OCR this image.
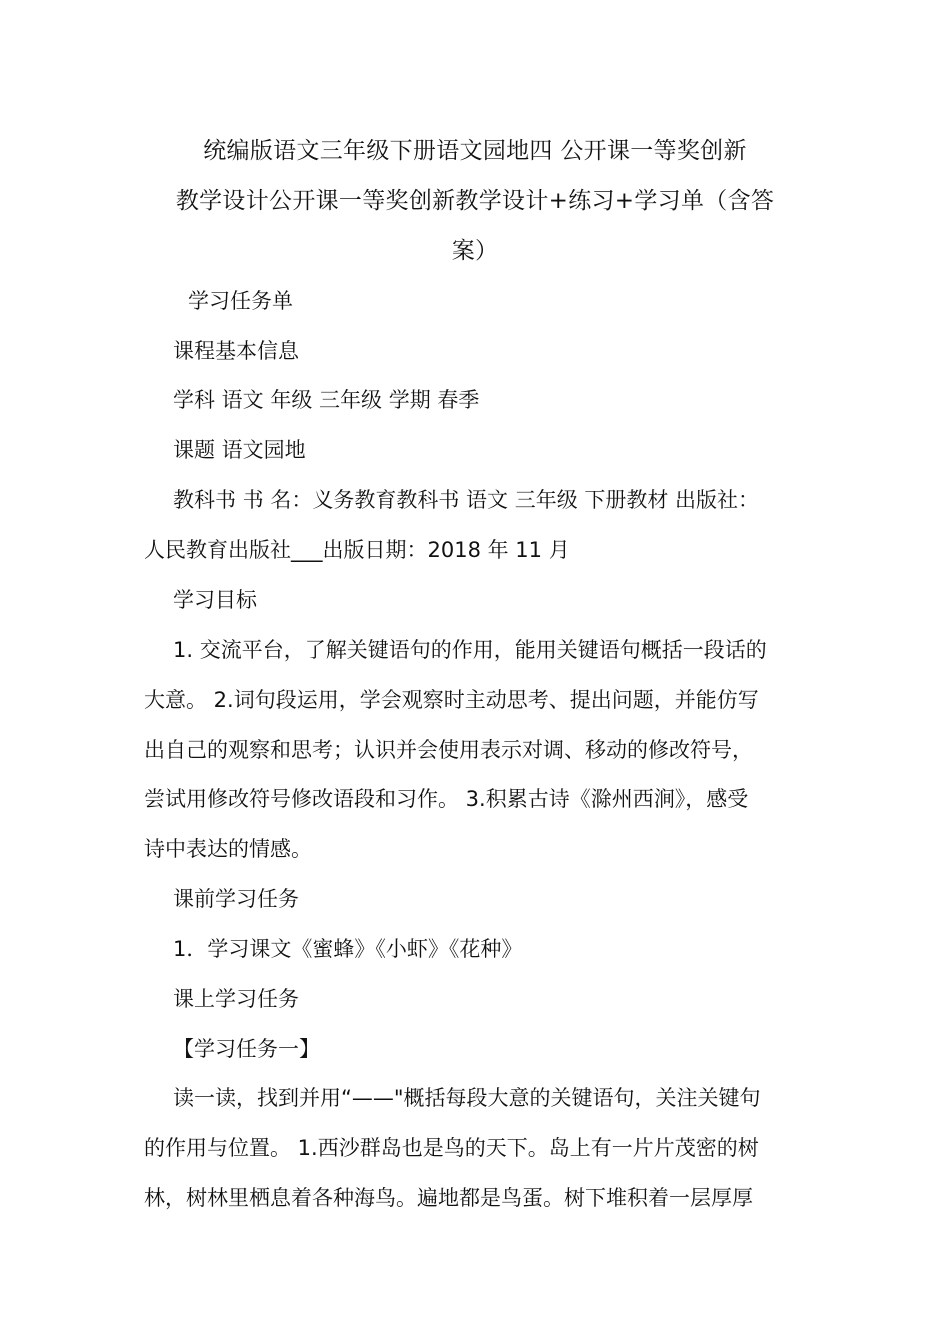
统编版语文三年级下册语文园地四 公开课一等奖创新
教学设计公开课一等奖创新教学设计+练习+学习单（含答
案）
学习任务单
课程基本信息
学科 语文 年级 三年级 学期 春季
课题 语文园地
教科书 书 名：义务教育教科书 语文 三年级 下册教材 出版社：
人民教育出版社___出版日期：2018 年 11 月
学习目标
1. 交流平台，了解关键语句的作用，能用关键语句概括一段话的
大意。 2.词句段运用，学会观察时主动思考、提出问题，并能仿写
出自己的观察和思考；认识并会使用表示对调、移动的修改符号，
尝试用修改符号修改语段和习作。 3.积累古诗《滁州西涧》，感受
诗中表达的情感。
课前学习任务
1．学习课文《蜜蜂》《小虾》《花种》
课上学习任务
【学习任务一】
读一读，找到并用“——"概括每段大意的关键语句，关注关键句
的作用与位置。 1.西沙群岛也是鸟的天下。岛上有一片片茂密的树
林，树林里栖息着各种海鸟。遍地都是鸟蛋。树下堆积着一层厚厚
